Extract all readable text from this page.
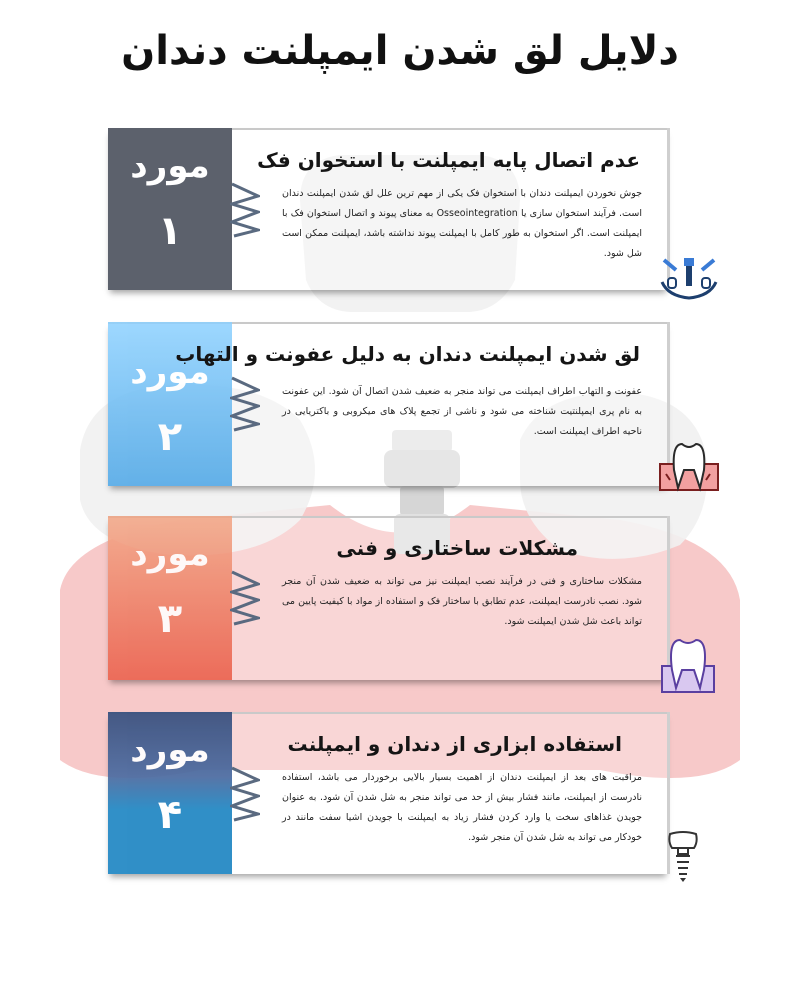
دلایل لق شدن ایمپلنت دندان
مورد
۱
عدم اتصال پایه ایمپلنت با استخوان فک
جوش نخوردن ایمپلنت دندان با استخوان فک یکی از مهم ترین علل لق شدن ایمپلنت دندان است. فرآیند استخوان سازی یا Osseointegration به معنای پیوند و اتصال استخوان فک با ایمپلنت است. اگر استخوان به طور کامل با ایمپلنت پیوند نداشته باشد، ایمپلنت ممکن است شل شود.
مورد
۲
لق شدن ایمپلنت دندان به دلیل عفونت و التهاب
عفونت و التهاب اطراف ایمپلنت می تواند منجر به ضعیف شدن اتصال آن شود. این عفونت به نام پری ایمپلنتیت شناخته می شود و ناشی از تجمع پلاک های میکروبی و باکتریایی در ناحیه اطراف ایمپلنت است.
مورد
۳
مشکلات ساختاری و فنی
مشکلات ساختاری و فنی در فرآیند نصب ایمپلنت نیز می تواند به ضعیف شدن آن منجر شود. نصب نادرست ایمپلنت، عدم تطابق با ساختار فک و استفاده از مواد با کیفیت پایین می تواند باعث شل شدن ایمپلنت شود.
مورد
۴
استفاده ابزاری از دندان و ایمپلنت
مراقبت های بعد از ایمپلنت دندان از اهمیت بسیار بالایی برخوردار می باشد، استفاده نادرست از ایمپلنت، مانند فشار بیش از حد می تواند منجر به شل شدن آن شود. به عنوان جویدن غذاهای سخت یا وارد کردن فشار زیاد به ایمپلنت با جویدن اشیا سفت مانند در خودکار می تواند به شل شدن آن منجر شود.
